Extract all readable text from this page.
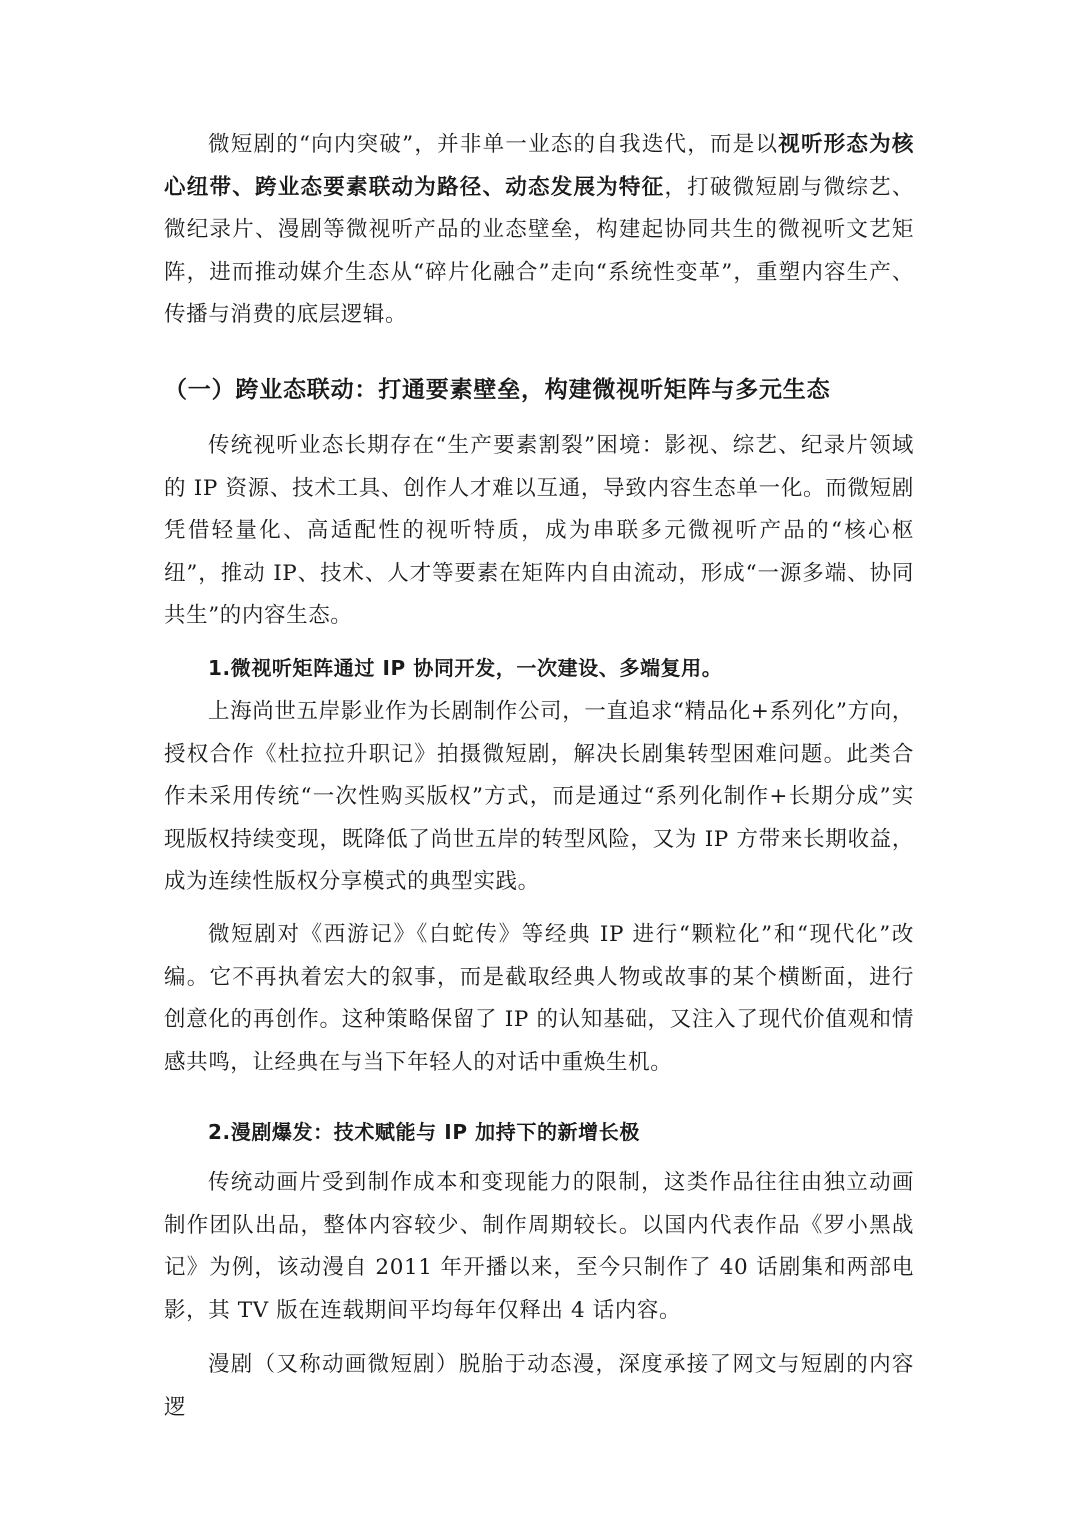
微短剧的“向内突破”，并非单一业态的自我迭代，而是以视听形态为核心纽带、跨业态要素联动为路径、动态发展为特征，打破微短剧与微综艺、微纪录片、漫剧等微视听产品的业态壁垒，构建起协同共生的微视听文艺矩阵，进而推动媒介生态从“碎片化融合”走向“系统性变革”，重塑内容生产、传播与消费的底层逻辑。

（一）跨业态联动：打通要素壁垒，构建微视听矩阵与多元生态

传统视听业态长期存在“生产要素割裂”困境：影视、综艺、纪录片领域的 IP 资源、技术工具、创作人才难以互通，导致内容生态单一化。而微短剧凭借轻量化、高适配性的视听特质，成为串联多元微视听产品的“核心枢纽”，推动 IP、技术、人才等要素在矩阵内自由流动，形成“一源多端、协同共生”的内容生态。

1.微视听矩阵通过 IP 协同开发，一次建设、多端复用。

上海尚世五岸影业作为长剧制作公司，一直追求“精品化+系列化”方向，授权合作《杜拉拉升职记》拍摄微短剧，解决长剧集转型困难问题。此类合作未采用传统“一次性购买版权”方式，而是通过“系列化制作+长期分成”实现版权持续变现，既降低了尚世五岸的转型风险，又为 IP 方带来长期收益，成为连续性版权分享模式的典型实践。

微短剧对《西游记》《白蛇传》等经典 IP 进行“颗粒化”和“现代化”改编。它不再执着宏大的叙事，而是截取经典人物或故事的某个横断面，进行创意化的再创作。这种策略保留了 IP 的认知基础，又注入了现代价值观和情感共鸣，让经典在与当下年轻人的对话中重焕生机。

2.漫剧爆发：技术赋能与 IP 加持下的新增长极

传统动画片受到制作成本和变现能力的限制，这类作品往往由独立动画制作团队出品，整体内容较少、制作周期较长。以国内代表作品《罗小黑战记》为例，该动漫自 2011 年开播以来，至今只制作了 40 话剧集和两部电影，其 TV 版在连载期间平均每年仅释出 4 话内容。

漫剧（又称动画微短剧）脱胎于动态漫，深度承接了网文与短剧的内容逻
